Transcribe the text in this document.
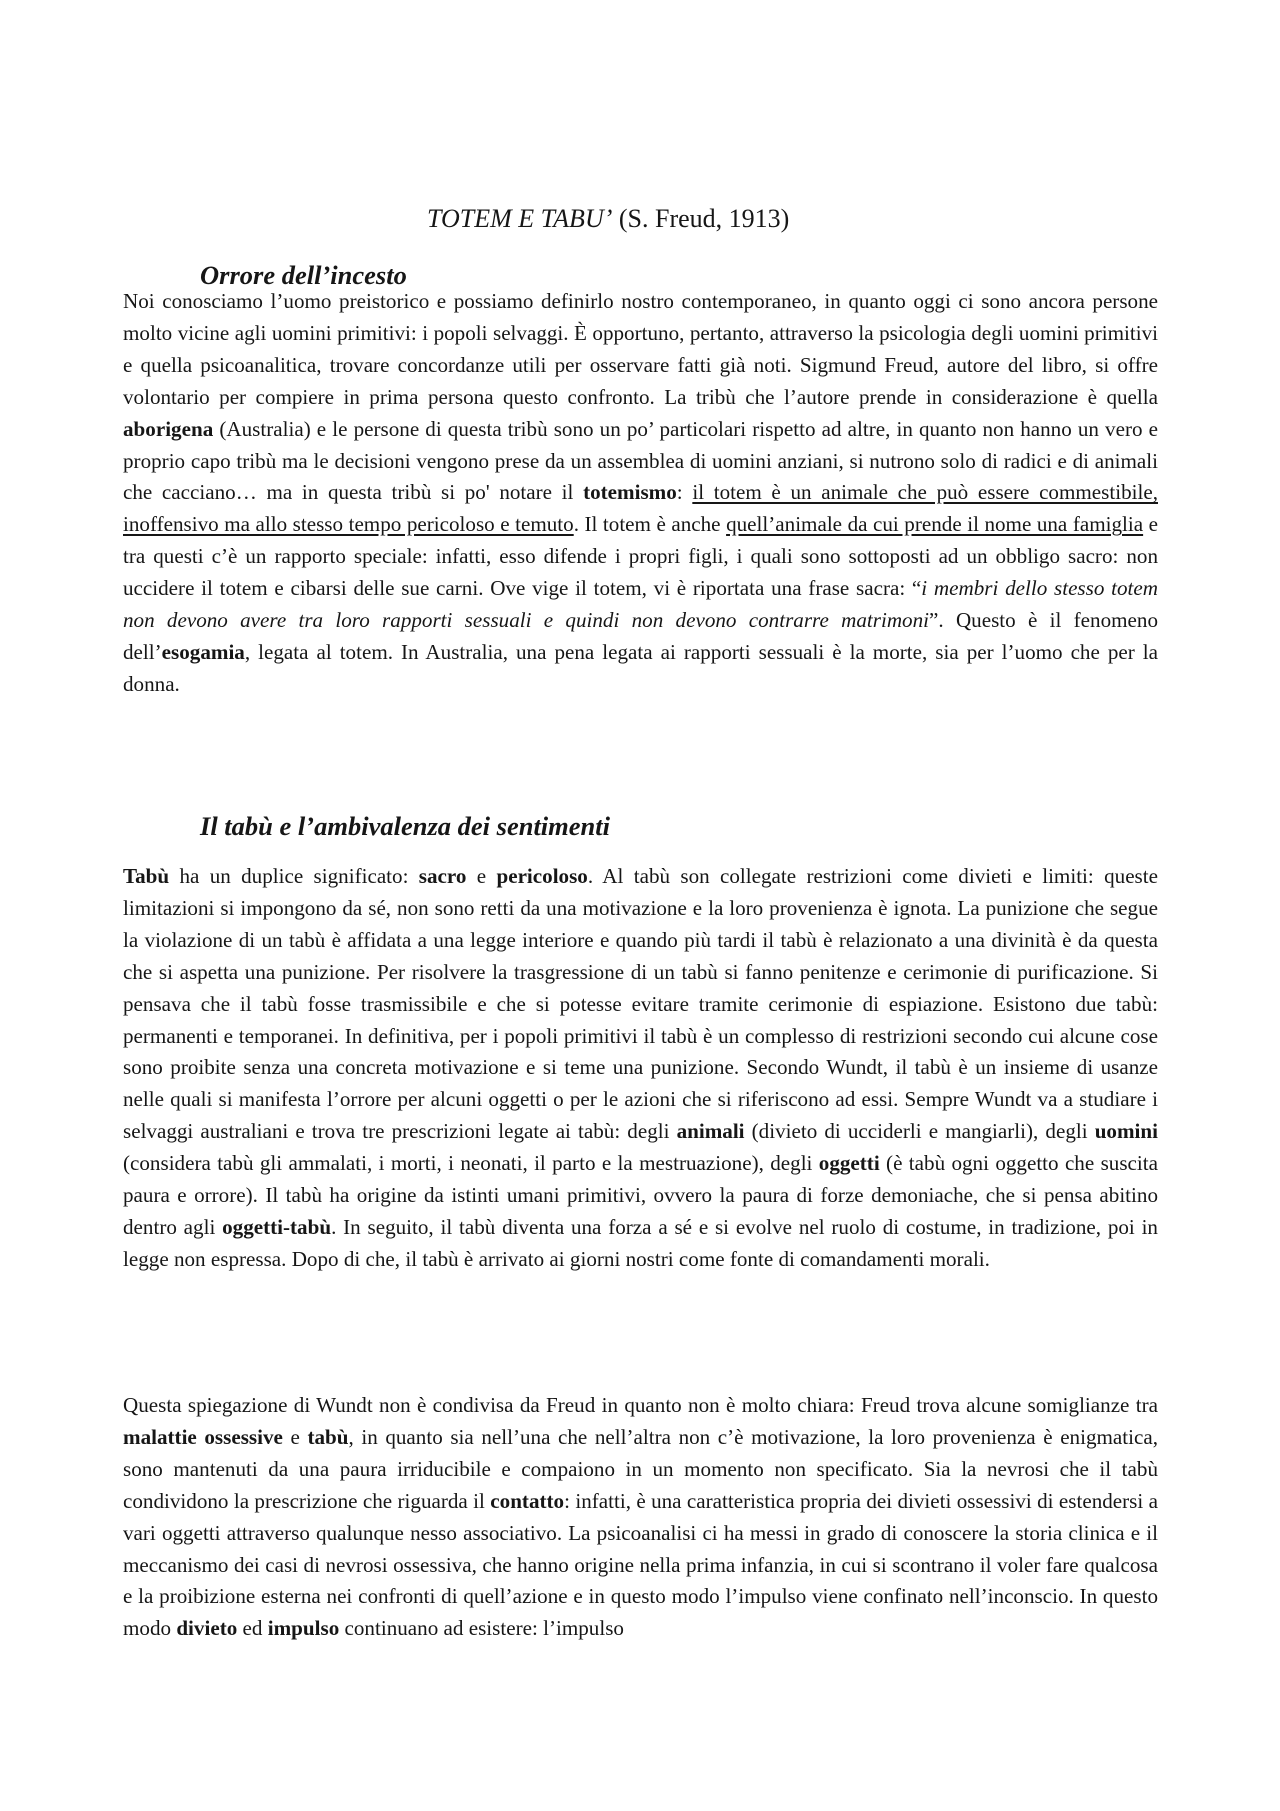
TOTEM E TABU’ (S. Freud, 1913)
Orrore dell’incesto
Noi conosciamo l’uomo preistorico e possiamo definirlo nostro contemporaneo, in quanto oggi ci sono ancora persone molto vicine agli uomini primitivi: i popoli selvaggi. È opportuno, pertanto, attraverso la psicologia degli uomini primitivi e quella psicoanalitica, trovare concordanze utili per osservare fatti già noti. Sigmund Freud, autore del libro, si offre volontario per compiere in prima persona questo confronto. La tribù che l’autore prende in considerazione è quella aborigena (Australia) e le persone di questa tribù sono un po’ particolari rispetto ad altre, in quanto non hanno un vero e proprio capo tribù ma le decisioni vengono prese da un assemblea di uomini anziani, si nutrono solo di radici e di animali che cacciano… ma in questa tribù si po' notare il totemismo: il totem è un animale che può essere commestibile, inoffensivo ma allo stesso tempo pericoloso e temuto. Il totem è anche quell’animale da cui prende il nome una famiglia e tra questi c’è un rapporto speciale: infatti, esso difende i propri figli, i quali sono sottoposti ad un obbligo sacro: non uccidere il totem e cibarsi delle sue carni. Ove vige il totem, vi è riportata una frase sacra: “i membri dello stesso totem non devono avere tra loro rapporti sessuali e quindi non devono contrarre matrimoni”. Questo è il fenomeno dell’esogamia, legata al totem. In Australia, una pena legata ai rapporti sessuali è la morte, sia per l’uomo che per la donna.
Il tabù e l’ambivalenza dei sentimenti
Tabù ha un duplice significato: sacro e pericoloso. Al tabù son collegate restrizioni come divieti e limiti: queste limitazioni si impongono da sé, non sono retti da una motivazione e la loro provenienza è ignota. La punizione che segue la violazione di un tabù è affidata a una legge interiore e quando più tardi il tabù è relazionato a una divinità è da questa che si aspetta una punizione. Per risolvere la trasgressione di un tabù si fanno penitenze e cerimonie di purificazione. Si pensava che il tabù fosse trasmissibile e che si potesse evitare tramite cerimonie di espiazione. Esistono due tabù: permanenti e temporanei. In definitiva, per i popoli primitivi il tabù è un complesso di restrizioni secondo cui alcune cose sono proibite senza una concreta motivazione e si teme una punizione. Secondo Wundt, il tabù è un insieme di usanze nelle quali si manifesta l’orrore per alcuni oggetti o per le azioni che si riferiscono ad essi. Sempre Wundt va a studiare i selvaggi australiani e trova tre prescrizioni legate ai tabù: degli animali (divieto di ucciderli e mangiarli), degli uomini (considera tabù gli ammalati, i morti, i neonati, il parto e la mestruazione), degli oggetti (è tabù ogni oggetto che suscita paura e orrore). Il tabù ha origine da istinti umani primitivi, ovvero la paura di forze demoniache, che si pensa abitino dentro agli oggetti-tabù. In seguito, il tabù diventa una forza a sé e si evolve nel ruolo di costume, in tradizione, poi in legge non espressa. Dopo di che, il tabù è arrivato ai giorni nostri come fonte di comandamenti morali.
Questa spiegazione di Wundt non è condivisa da Freud in quanto non è molto chiara: Freud trova alcune somiglianze tra malattie ossessive e tabù, in quanto sia nell’una che nell’altra non c’è motivazione, la loro provenienza è enigmatica, sono mantenuti da una paura irriducibile e compaiono in un momento non specificato. Sia la nevrosi che il tabù condividono la prescrizione che riguarda il contatto: infatti, è una caratteristica propria dei divieti ossessivi di estendersi a vari oggetti attraverso qualunque nesso associativo. La psicoanalisi ci ha messi in grado di conoscere la storia clinica e il meccanismo dei casi di nevrosi ossessiva, che hanno origine nella prima infanzia, in cui si scontrano il voler fare qualcosa e la proibizione esterna nei confronti di quell’azione e in questo modo l’impulso viene confinato nell’inconscio. In questo modo divieto ed impulso continuano ad esistere: l’impulso
